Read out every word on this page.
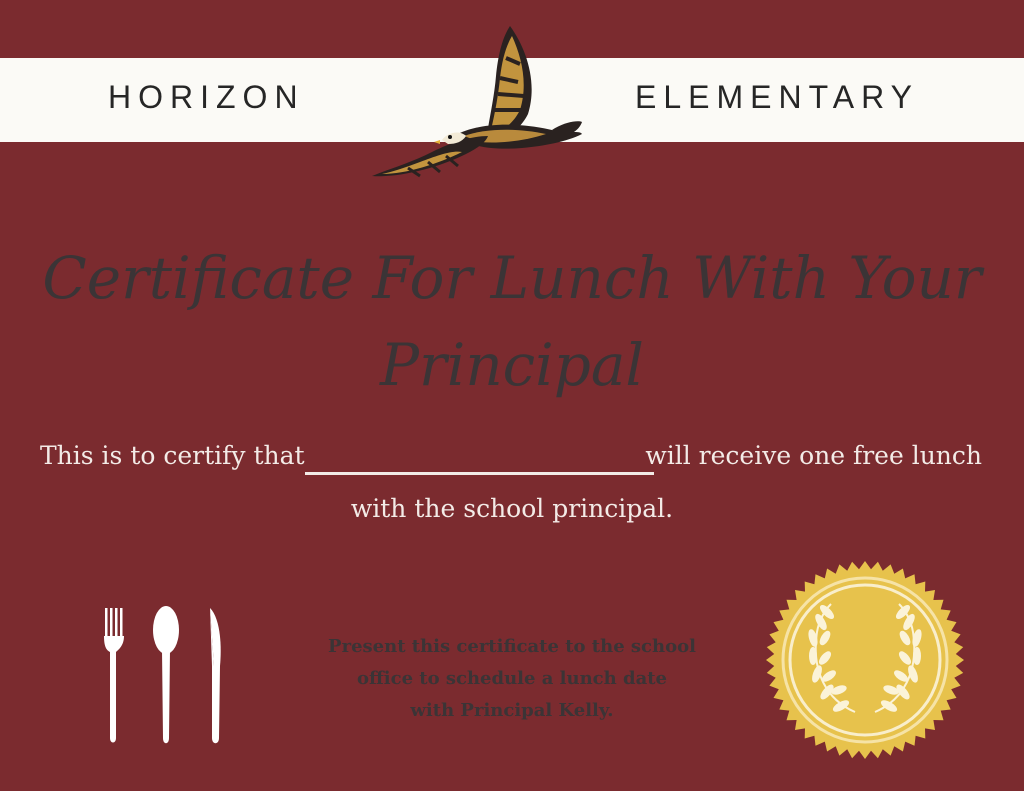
HORIZON	ELEMENTARY
Certificate For Lunch With Your
Principal
This is to certify that	will receive one free lunch
with the school principal.
Present this certificate to the school
office to schedule a lunch date
with Principal Kelly.
